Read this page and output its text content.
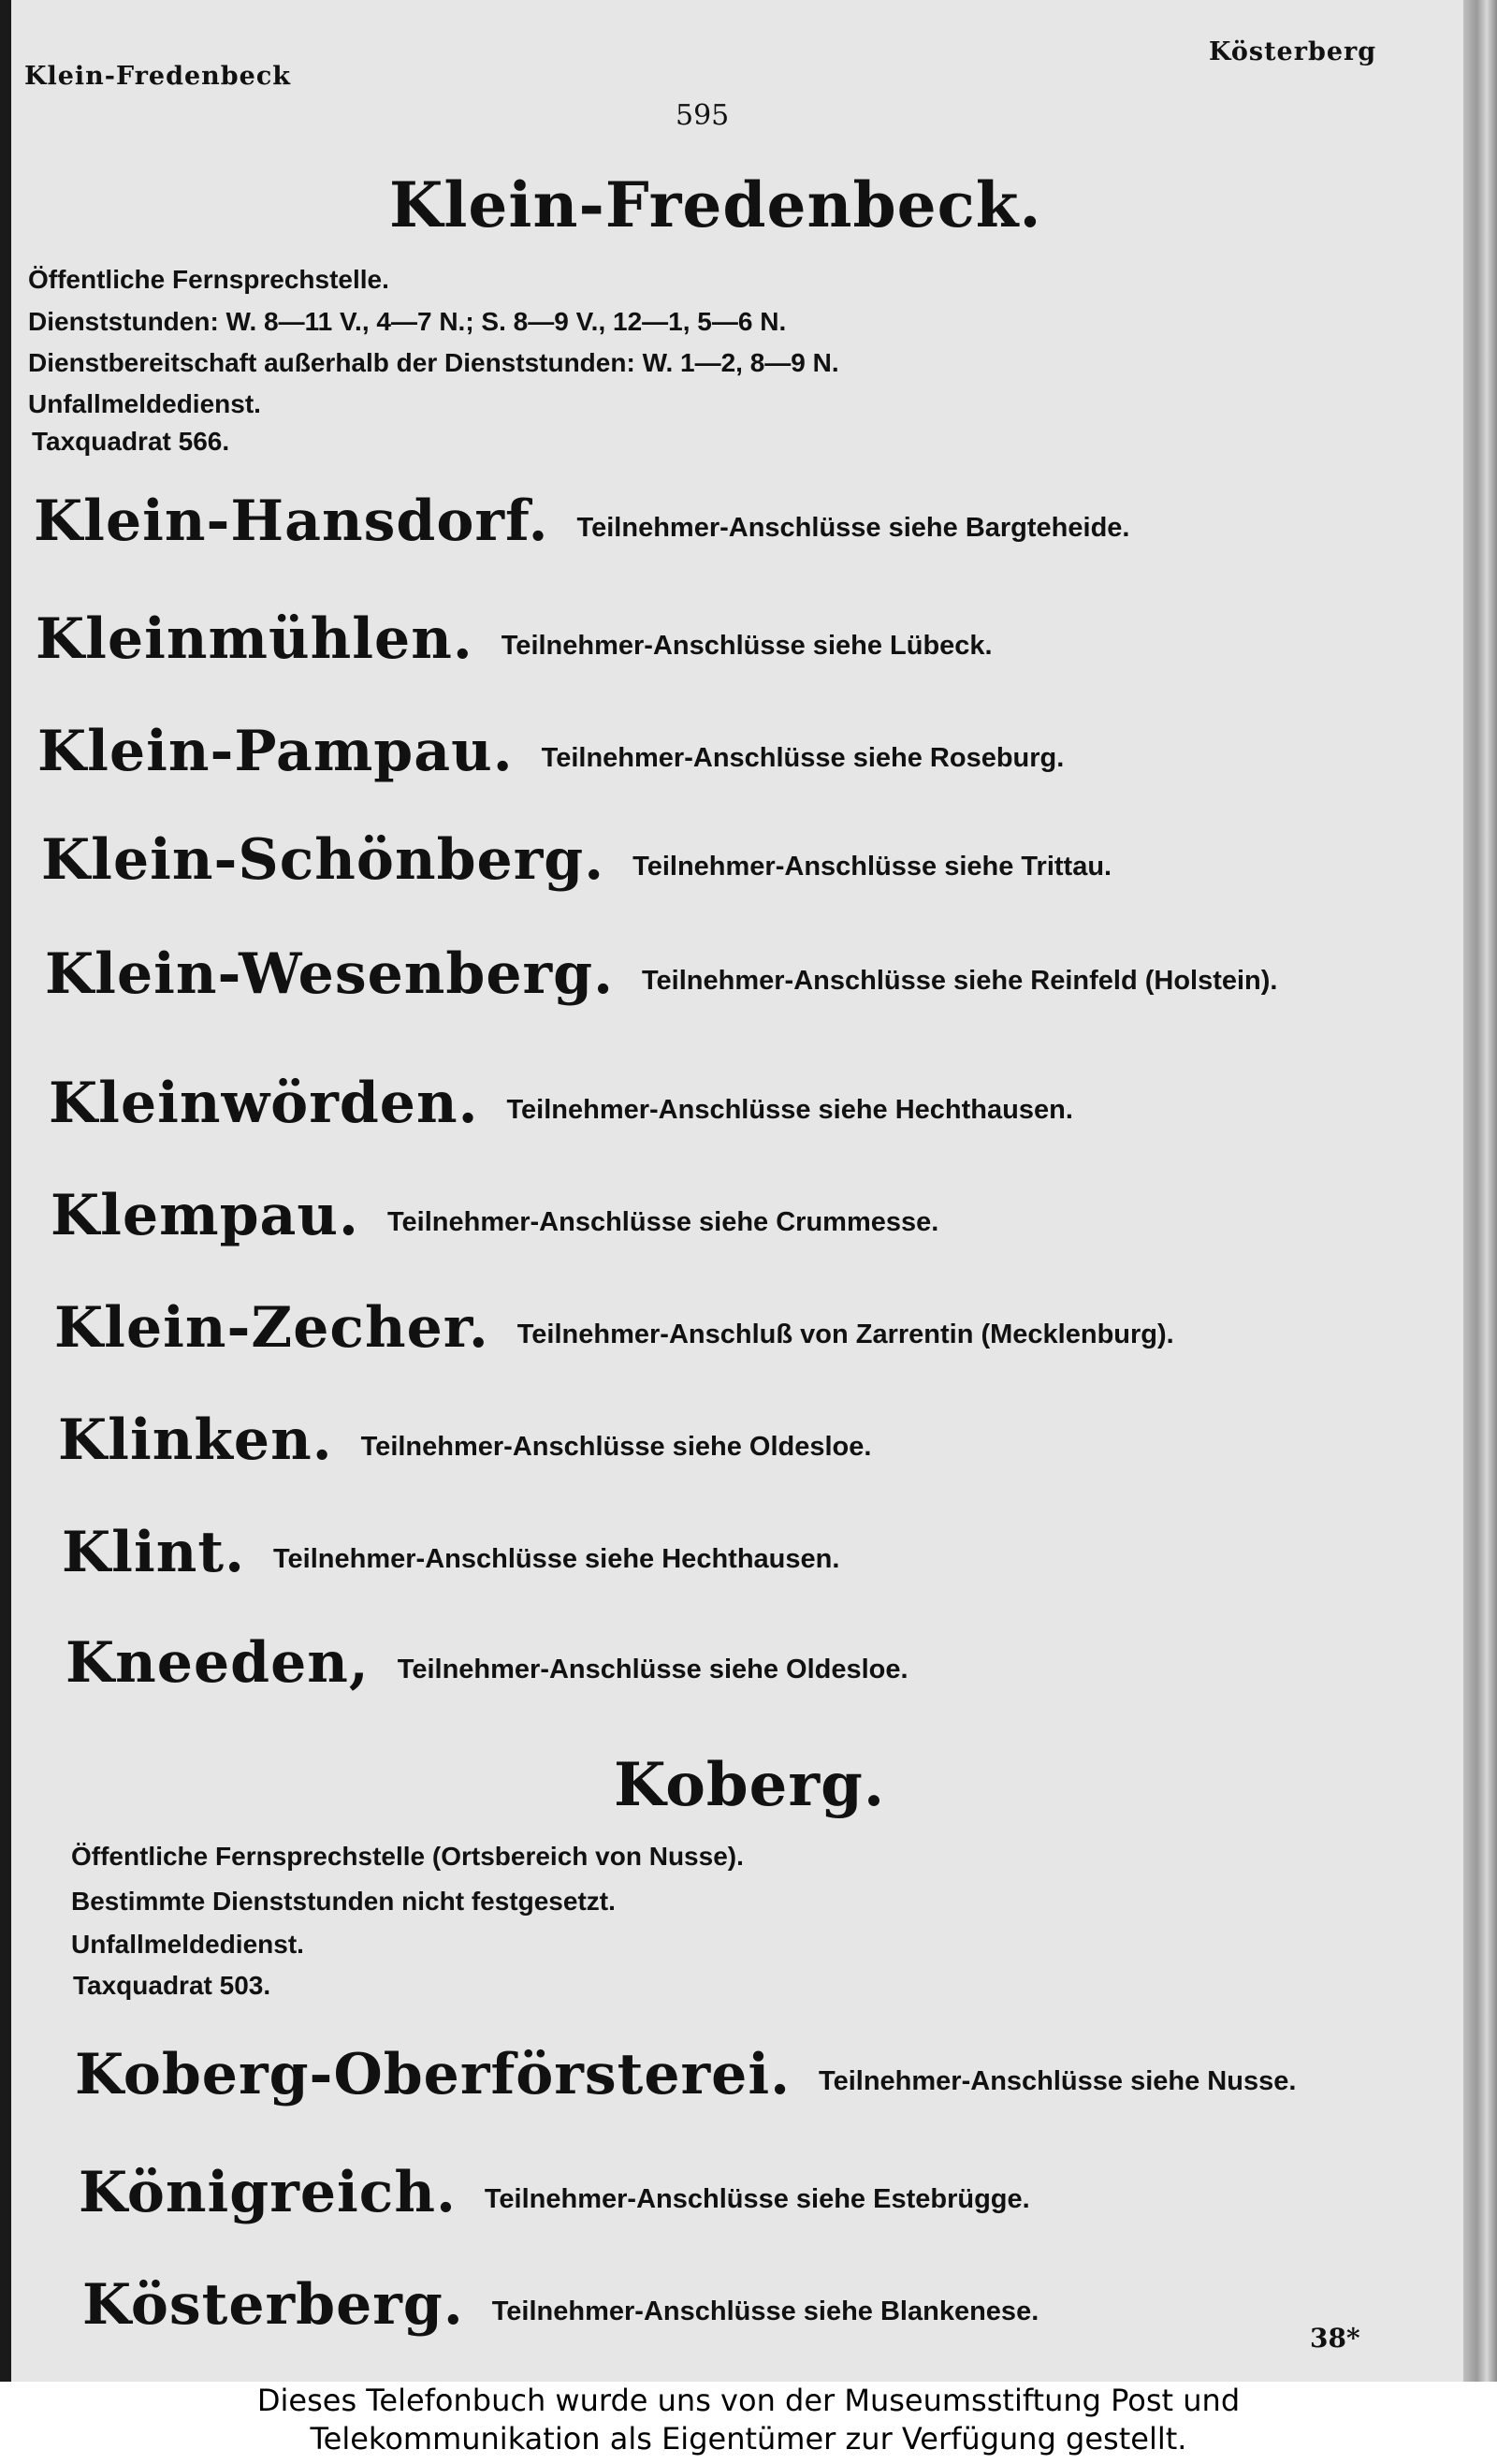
Klein-Fredenbeck
Kösterberg
595
Klein-Fredenbeck.
Öffentliche Fernsprechstelle.
Dienststunden: W. 8—11 V., 4—7 N.; S. 8—9 V., 12—1, 5—6 N.
Dienstbereitschaft außerhalb der Dienststunden: W. 1—2, 8—9 N.
Unfallmeldedienst.
Taxquadrat 566.
Klein-Hansdorf. Teilnehmer-Anschlüsse siehe Bargteheide.
Kleinmühlen. Teilnehmer-Anschlüsse siehe Lübeck.
Klein-Pampau. Teilnehmer-Anschlüsse siehe Roseburg.
Klein-Schönberg. Teilnehmer-Anschlüsse siehe Trittau.
Klein-Wesenberg. Teilnehmer-Anschlüsse siehe Reinfeld (Holstein).
Kleinwörden. Teilnehmer-Anschlüsse siehe Hechthausen.
Klempau. Teilnehmer-Anschlüsse siehe Crummesse.
Klein-Zecher. Teilnehmer-Anschluß von Zarrentin (Mecklenburg).
Klinken. Teilnehmer-Anschlüsse siehe Oldesloe.
Klint. Teilnehmer-Anschlüsse siehe Hechthausen.
Kneeden, Teilnehmer-Anschlüsse siehe Oldesloe.
Koberg.
Öffentliche Fernsprechstelle (Ortsbereich von Nusse).
Bestimmte Dienststunden nicht festgesetzt.
Unfallmeldedienst.
Taxquadrat 503.
Koberg-Oberförsterei. Teilnehmer-Anschlüsse siehe Nusse.
Königreich. Teilnehmer-Anschlüsse siehe Estebrügge.
Kösterberg. Teilnehmer-Anschlüsse siehe Blankenese.
38*
Dieses Telefonbuch wurde uns von der Museumsstiftung Post und
Telekommunikation als Eigentümer zur Verfügung gestellt.
